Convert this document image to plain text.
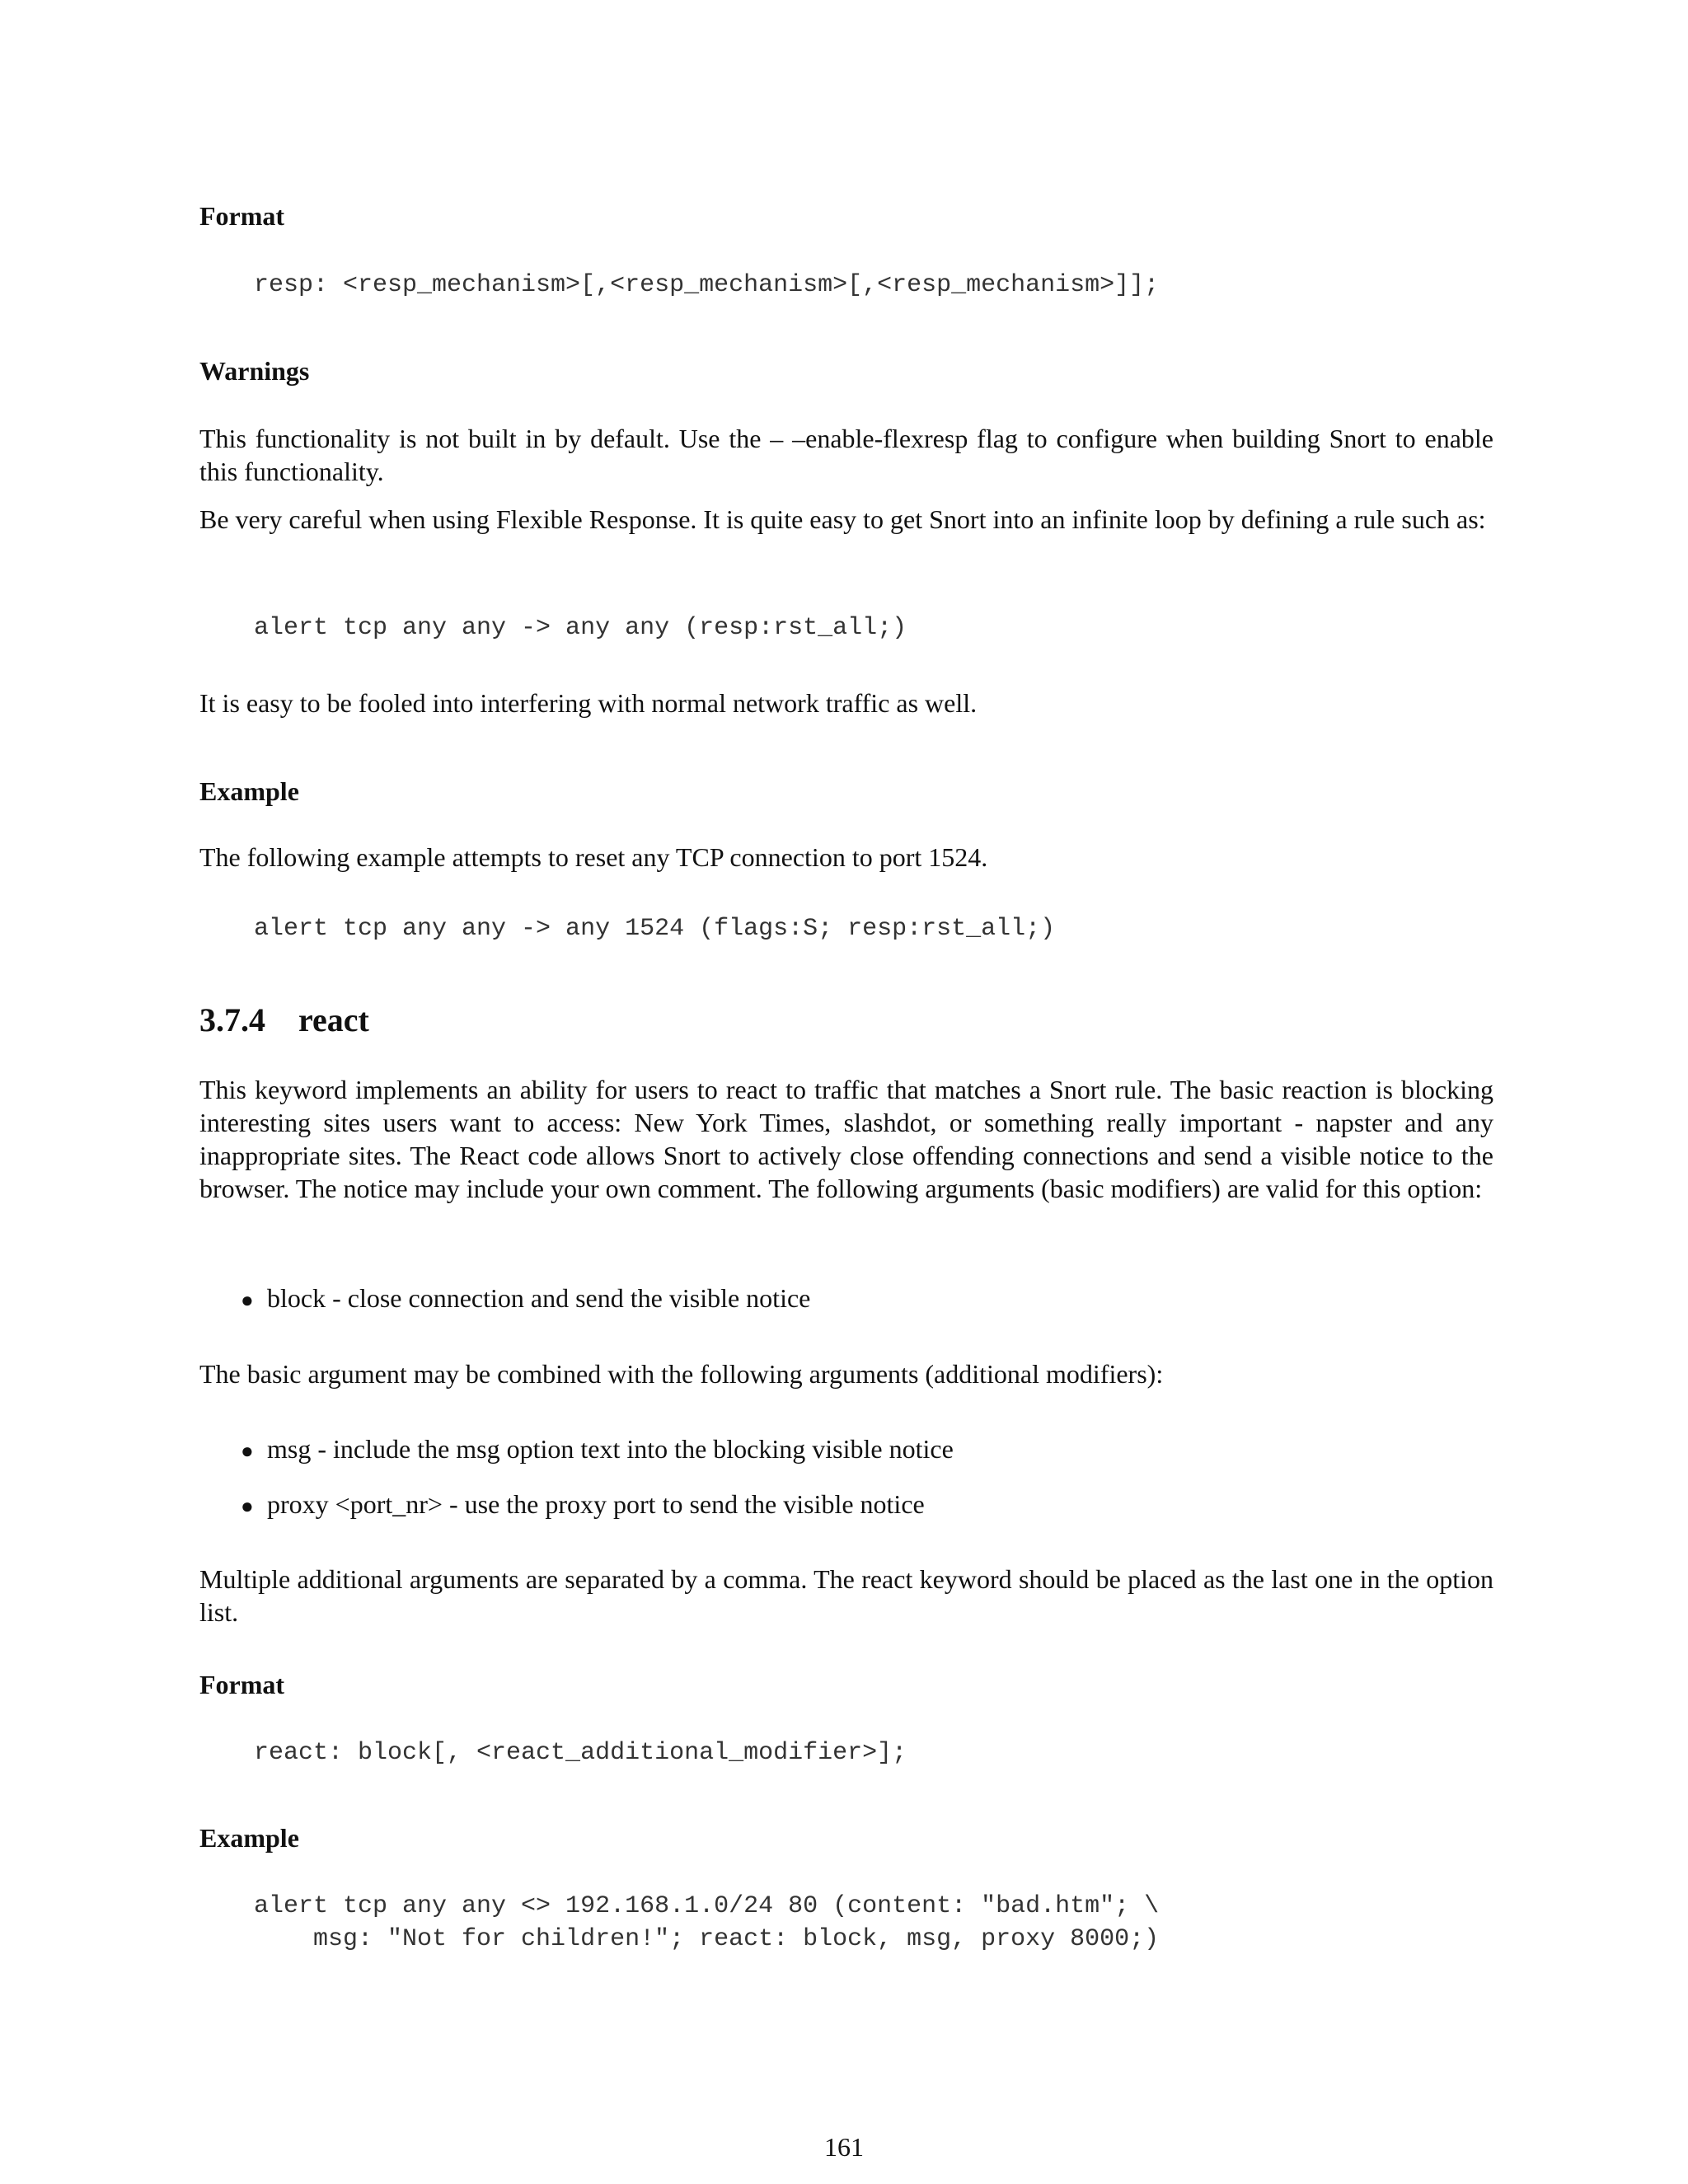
Format
resp: <resp_mechanism>[,<resp_mechanism>[,<resp_mechanism>]];
Warnings
This functionality is not built in by default. Use the – –enable-flexresp flag to configure when building Snort to enable this functionality.
Be very careful when using Flexible Response. It is quite easy to get Snort into an infinite loop by defining a rule such as:
alert tcp any any -> any any (resp:rst_all;)
It is easy to be fooled into interfering with normal network traffic as well.
Example
The following example attempts to reset any TCP connection to port 1524.
alert tcp any any -> any 1524 (flags:S; resp:rst_all;)
3.7.4 react
This keyword implements an ability for users to react to traffic that matches a Snort rule. The basic reaction is blocking interesting sites users want to access: New York Times, slashdot, or something really important - napster and any inappropriate sites. The React code allows Snort to actively close offending connections and send a visible notice to the browser. The notice may include your own comment. The following arguments (basic modifiers) are valid for this option:
● block - close connection and send the visible notice
The basic argument may be combined with the following arguments (additional modifiers):
● msg - include the msg option text into the blocking visible notice
● proxy <port_nr> - use the proxy port to send the visible notice
Multiple additional arguments are separated by a comma. The react keyword should be placed as the last one in the option list.
Format
react: block[, <react_additional_modifier>];
Example
alert tcp any any <> 192.168.1.0/24 80 (content: "bad.htm"; \
msg: "Not for children!"; react: block, msg, proxy 8000;)
161
